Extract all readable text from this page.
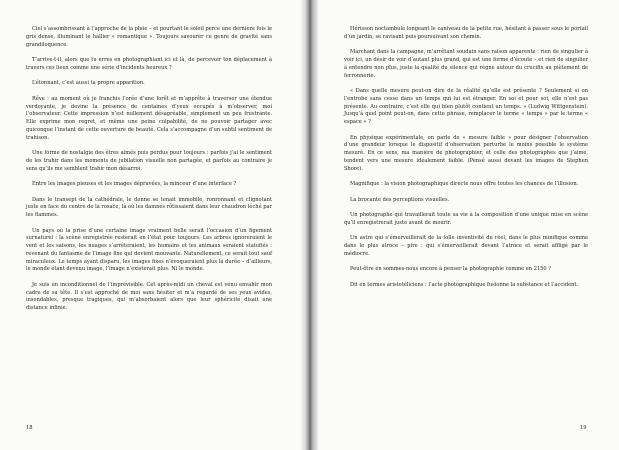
Ciel s’assombrissant à l’approche de la pluie – et pourtant le soleil perce une dernière fois le gris dense, illuminant le hallier « romantique ». Toujours savourer ce genre de gravité sans grandiloquence.

T’arrive-t-il, alors que tu erres en photographiant ici et là, de percevoir ton déplacement à travers ces lieux comme une série d’incidents heureux ?

L’étonnant, c’est aussi ta propre apparition.

Rêve : au moment où je franchis l’orée d’une forêt et m’apprête à traverser une étendue verdoyante, je devine la présence de centaines d’yeux occupés à m’observer, moi l’observateur. Cette impression n’est nullement désagréable, simplement un peu frustrante. Elle exprime mon regret, et même une peine culpabilité, de ne pouvoir partager avec quiconque l’instant de cette ouverture de beauté. Cela s’accompagne d’un subtil sentiment de trahison.

Une forme de nostalgie des êtres aimés puis perdus pour toujours : parfois j’ai le sentiment de les trahir dans les moments de jubilation visuelle non partagée, et parfois au contraire je sens qu’ils me semblent trahir mon désarroi.

Entre les images pieuses et les images dépravées, la minceur d’une interface ?

Dans le transept de la cathédrale, le donne se tenait immobile, ronronnant et clignotant juste en face du centre de la rosace, là où les damnés rôtissaient dans leur chaudron léché par les flammes.

Un pays où la prise d’une certaine image vraiment belle serait l’occasion d’un figement surnaturel : la scène enregistrée resterait en l’état pour toujours. Les arbres ignoreraient le vent et les saisons, les nuages s’arrêteraient, les humains et les animaux seraient statufiés : revenant du fantasme de l’image fixe qui devient mouvante. Naturellement, ce serait tout sauf miraculeux. Le temps ayant disparu, les images fixes n’évoqueraient plus la durée – d’ailleurs, le monde étant devenu image, l’image n’existerait plus. Ni le monde.

Je suis un inconditionnel de l’imprévisible. Cet après-midi un cheval est venu envahir mon cadre de sa tête. Il s’est approché de moi sans hésiter et m’a regardé de ses yeux avides, insondables, presque tragiques, qui m’absorbaient alors que leur sphéricité disait une distance infinie.

18

Hérisson noctambule longeant le caniveau de la petite rue, hésitant à passer sous le portail d’un jardin, se ravisant puis poursuivant son chemin.

Marchant dans la campagne, m’arrêtant soudain sans raison apparente : rien de singulier à voir ici, un désir de voir d’autant plus grand, qui est une forme d’écoute – et rien de singulier à entendre non plus, juste la qualité du silence qui règne autour du crucifix au piètement de ferronnerie.

« Dans quelle mesure peut-on dire de la réalité qu’elle est présente ? Seulement si on l’entrobe sans cesse dans un temps qui lui est étranger. En soi et pour soi, elle n’est pas présente. Au contraire, c’est elle qui bien plutôt contient un temps. » (Ludwig Wittgenstein). Jusqu’à quel point peut-on, dans cette phrase, remplacer le terme « temps » par le terme « espace » ?

En physique expérimentale, on parle de « mesure faible » pour désigner l’observation d’une grandeur lorsque le dispositif d’observation perturbe le moins possible le système mesuré. En ce sens, ma manière de photographier, et celle des photographes que j’aime, tendent vers une mesure idéalement faible. (Pensé aussi devant les images de Stephen Shore).

Magnifique : la vision photographique directe nous offre toutes les chances de l’illusion.

La brocante des perceptions visuelles.

Un photographe qui travaillerait toute sa vie à la composition d’une unique mise en scène qu’il enregistrerait juste avant de mourir.

Un astre qui s’émerveillerait de la folle inventivité du réel, dans le plus minifique comme dans le plus atroce – pire : qui s’émerveillerait devant l’atroce et serait affligé par le médiocre.

Peut-être en sommes-nous encore à penser la photographie comme en 2150 ?

Dit en termes aristotéliciens : l’acte photographique fusionne la substance et l’accident.

19
